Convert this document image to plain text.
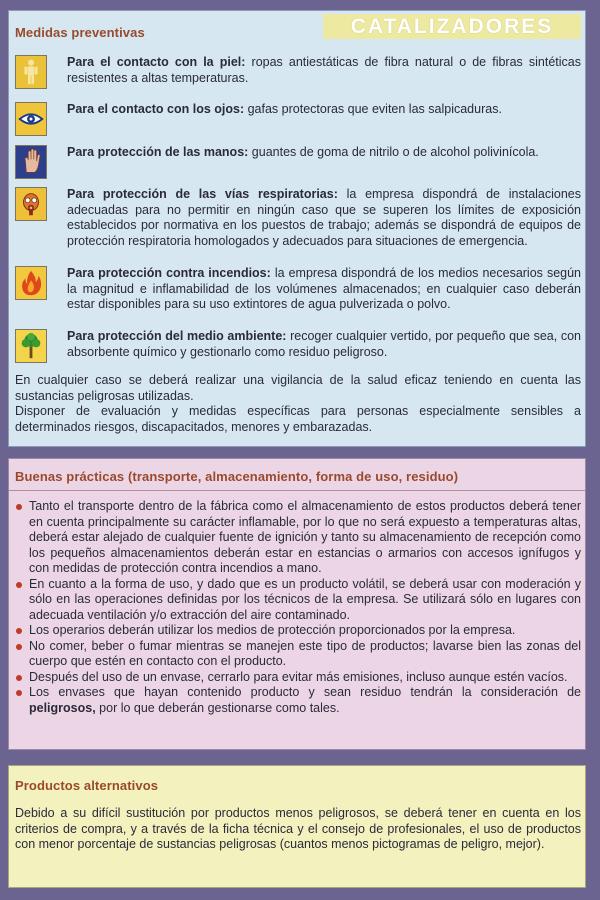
CATALIZADORES
Medidas preventivas
Para el contacto con la piel: ropas antiestáticas de fibra natural o de fibras sintéticas resistentes a altas temperaturas.
Para el contacto con los ojos: gafas protectoras que eviten las salpicaduras.
Para protección de las manos: guantes de goma de nitrilo o de alcohol polivinícola.
Para protección de las vías respiratorias: la empresa dispondrá de instalaciones adecuadas para no permitir en ningún caso que se superen los límites de exposición establecidos por normativa en los puestos de trabajo; además se dispondrá de equipos de protección respiratoria homologados y adecuados para situaciones de emergencia.
Para protección contra incendios: la empresa dispondrá de los medios necesarios según la magnitud e inflamabilidad de los volúmenes almacenados; en cualquier caso deberán estar disponibles para su uso extintores de agua pulverizada o polvo.
Para protección del medio ambiente: recoger cualquier vertido, por pequeño que sea, con absorbente químico y gestionarlo como residuo peligroso.
En cualquier caso se deberá realizar una vigilancia de la salud eficaz teniendo en cuenta las sustancias peligrosas utilizadas.
Disponer de evaluación y medidas específicas para personas especialmente sensibles a determinados riesgos, discapacitados, menores y embarazadas.
Buenas prácticas (transporte, almacenamiento, forma de uso, residuo)
Tanto el transporte dentro de la fábrica como el almacenamiento de estos productos deberá tener en cuenta principalmente su carácter inflamable, por lo que no será expuesto a temperaturas altas, deberá estar alejado de cualquier fuente de ignición y tanto su almacenamiento de recepción como los pequeños almacenamientos deberán estar en estancias o armarios con accesos ignífugos y con medidas de protección contra incendios a mano.
En cuanto a la forma de uso, y dado que es un producto volátil, se deberá usar con moderación y sólo en las operaciones definidas por los técnicos de la empresa. Se utilizará sólo en lugares con adecuada ventilación y/o extracción del aire contaminado.
Los operarios deberán utilizar los medios de protección proporcionados por la empresa.
No comer, beber o fumar mientras se manejen este tipo de productos; lavarse bien las zonas del cuerpo que estén en contacto con el producto.
Después del uso de un envase, cerrarlo para evitar más emisiones, incluso aunque estén vacíos.
Los envases que hayan contenido producto y sean residuo tendrán la consideración de peligrosos, por lo que deberán gestionarse como tales.
Productos alternativos
Debido a su difícil sustitución por productos menos peligrosos, se deberá tener en cuenta en los criterios de compra, y a través de la ficha técnica y el consejo de profesionales, el uso de productos con menor porcentaje de sustancias peligrosas (cuantos menos pictogramas de peligro, mejor).
